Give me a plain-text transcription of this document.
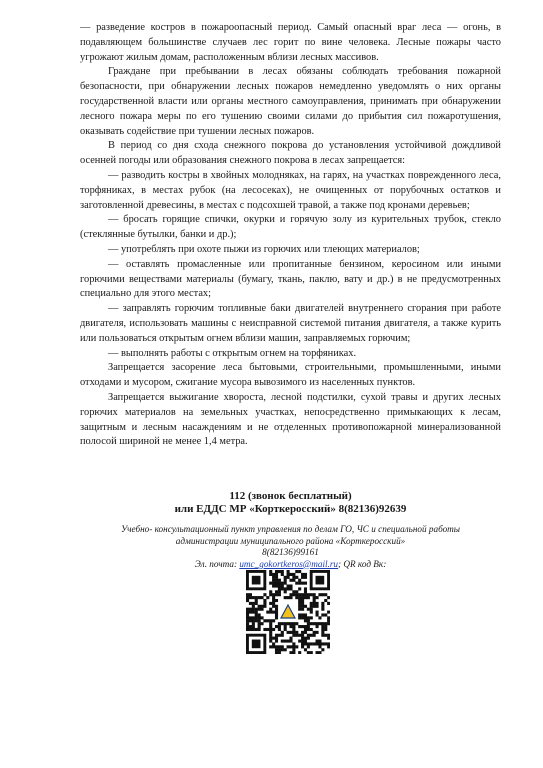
— разведение костров в пожароопасный период. Самый опасный враг леса — огонь, в подавляющем большинстве случаев лес горит по вине человека. Лесные пожары часто угрожают жилым домам, расположенным вблизи лесных массивов.

Граждане при пребывании в лесах обязаны соблюдать требования пожарной безопасности, при обнаружении лесных пожаров немедленно уведомлять о них органы государственной власти или органы местного самоуправления, принимать при обнаружении лесного пожара меры по его тушению своими силами до прибытия сил пожаротушения, оказывать содействие при тушении лесных пожаров.

В период со дня схода снежного покрова до установления устойчивой дождливой осенней погоды или образования снежного покрова в лесах запрещается:

— разводить костры в хвойных молодняках, на гарях, на участках поврежденного леса, торфяниках, в местах рубок (на лесосеках), не очищенных от порубочных остатков и заготовленной древесины, в местах с подсохшей травой, а также под кронами деревьев;

— бросать горящие спички, окурки и горячую золу из курительных трубок, стекло (стеклянные бутылки, банки и др.);

— употреблять при охоте пыжи из горючих или тлеющих материалов;

— оставлять промасленные или пропитанные бензином, керосином или иными горючими веществами материалы (бумагу, ткань, паклю, вату и др.) в не предусмотренных специально для этого местах;

— заправлять горючим топливные баки двигателей внутреннего сгорания при работе двигателя, использовать машины с неисправной системой питания двигателя, а также курить или пользоваться открытым огнем вблизи машин, заправляемых горючим;

— выполнять работы с открытым огнем на торфяниках.

Запрещается засорение леса бытовыми, строительными, промышленными, иными отходами и мусором, сжигание мусора вывозимого из населенных пунктов.

Запрещается выжигание хвороста, лесной подстилки, сухой травы и других лесных горючих материалов на земельных участках, непосредственно примыкающих к лесам, защитным и лесным насаждениям и не отделенных противопожарной минерализованной полосой шириной не менее 1,4 метра.

112 (звонок бесплатный)

или ЕДДС МР «Корткеросский» 8(82136)92639

Учебно- консультационный пункт управления по делам ГО, ЧС и специальной работы

администрации муниципального района «Корткеросский»

8(82136)99161

Эл. почта: umc_gokortkeros@mail.ru; QR код Вк:
